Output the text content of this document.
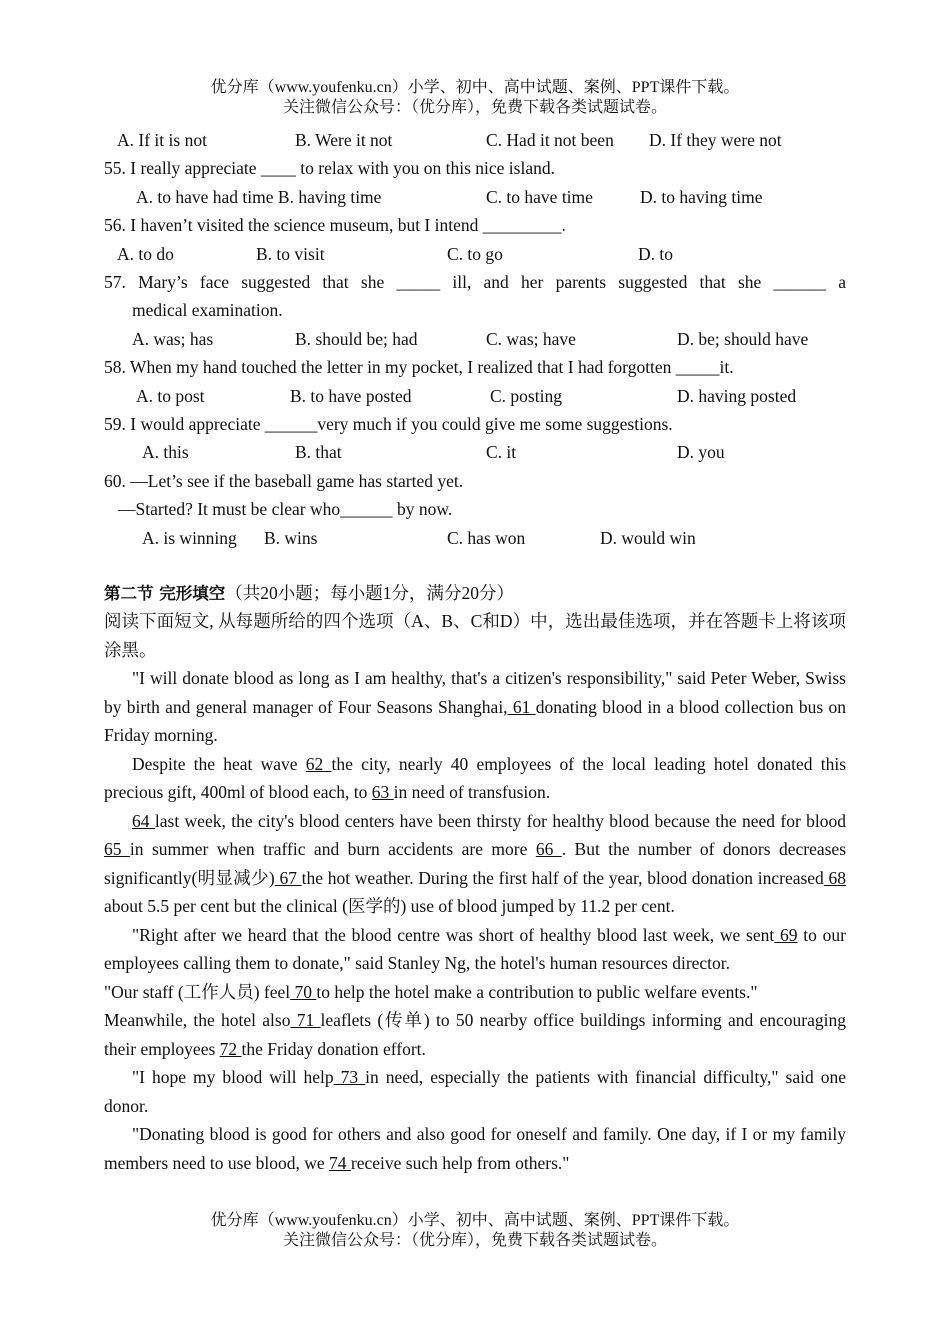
优分库（www.youfenku.cn）小学、初中、高中试题、案例、PPT课件下载。
关注微信公众号：（优分库），免费下载各类试题试卷。
A. If it is not	B. Were it not	C. Had it not been D. If they were not
55. I really appreciate ____ to relax with you on this nice island.
A. to have had time B. having time	C. to have time	D. to having time
56. I haven’t visited the science museum, but I intend _________.
A. to do	B. to visit	C. to go	D. to
57. Mary’s face suggested that she _____ ill, and her parents suggested that she ______ a
medical examination.
A. was; has	B. should be; had	C. was; have	D. be; should have
58. When my hand touched the letter in my pocket, I realized that I had forgotten _____it.
A. to post	B. to have posted	C. posting	D. having posted
59. I would appreciate ______very much if you could give me some suggestions.
A. this	B. that	C. it	D. you
60. —Let’s see if the baseball game has started yet.
—Started? It must be clear who______ by now.
A. is winning B. wins	C. has won	D. would win
第二节 完形填空（共20小题；每小题1分，满分20分）

阅读下面短文, 从每题所给的四个选项（A、B、C和D）中，选出最佳选项，并在答题卡上将该项涂黑。

"I will donate blood as long as I am healthy, that's a citizen's responsibility," said Peter Weber, Swiss by birth and general manager of Four Seasons Shanghai, 61 donating blood in a blood collection bus on Friday morning.

Despite the heat wave 62 the city, nearly 40 employees of the local leading hotel donated this precious gift, 400ml of blood each, to 63 in need of transfusion.

64 last week, the city's blood centers have been thirsty for healthy blood because the need for blood 65 in summer when traffic and burn accidents are more 66 . But the number of donors decreases significantly(明显减少) 67 the hot weather. During the first half of the year, blood donation increased 68 about 5.5 per cent but the clinical (医学的) use of blood jumped by 11.2 per cent.

"Right after we heard that the blood centre was short of healthy blood last week, we sent 69 to our employees calling them to donate," said Stanley Ng, the hotel's human resources director.

"Our staff (工作人员) feel 70 to help the hotel make a contribution to public welfare events."

Meanwhile, the hotel also 71 leaflets (传单) to 50 nearby office buildings informing and encouraging their employees 72 the Friday donation effort.

"I hope my blood will help 73 in need, especially the patients with financial difficulty," said one donor.

"Donating blood is good for others and also good for oneself and family. One day, if I or my family members need to use blood, we 74 receive such help from others."

优分库（www.youfenku.cn）小学、初中、高中试题、案例、PPT课件下载。
关注微信公众号：（优分库），免费下载各类试题试卷。
